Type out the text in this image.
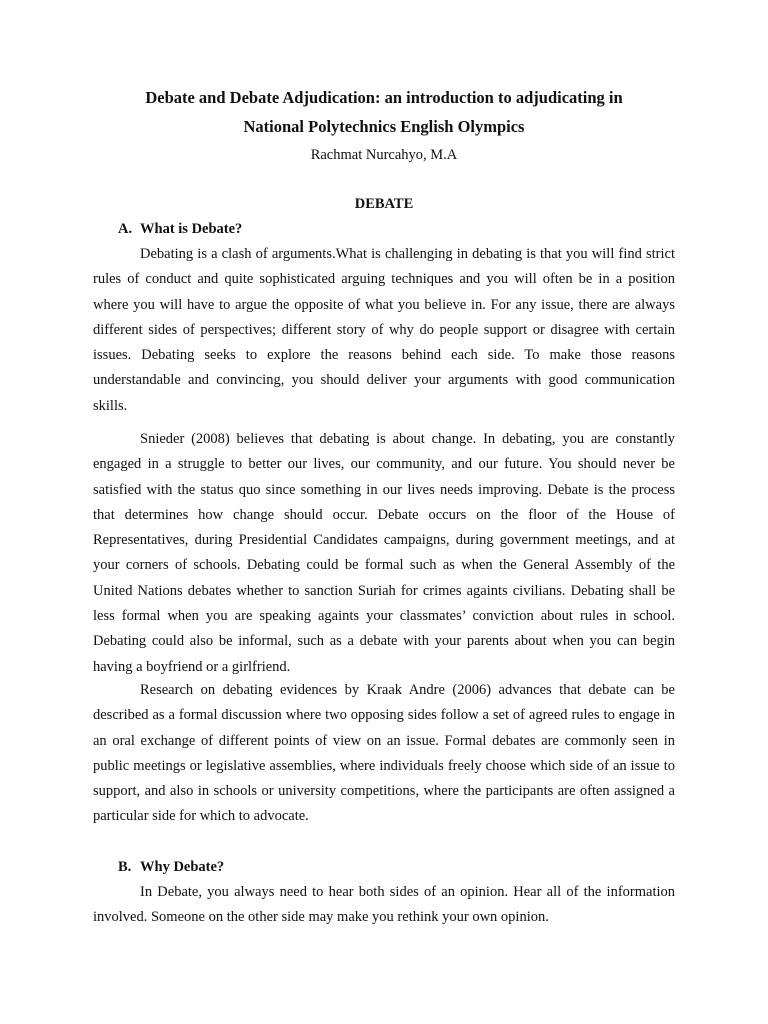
Debate and Debate Adjudication: an introduction to adjudicating in

National Polytechnics English Olympics

Rachmat Nurcahyo, M.A

DEBATE

A. What is Debate?

Debating is a clash of arguments.What is challenging in debating is that you will find strict rules of conduct and quite sophisticated arguing techniques and you will often be in a position where you will have to argue the opposite of what you believe in. For any issue, there are always different sides of perspectives; different story of why do people support or disagree with certain issues. Debating seeks to explore the reasons behind each side. To make those reasons understandable and convincing, you should deliver your arguments with good communication skills.

Snieder (2008) believes that debating is about change. In debating, you are constantly engaged in a struggle to better our lives, our community, and our future. You should never be satisfied with the status quo since something in our lives needs improving. Debate is the process that determines how change should occur. Debate occurs on the floor of the House of Representatives, during Presidential Candidates campaigns, during government meetings, and at your corners of schools. Debating could be formal such as when the General Assembly of the United Nations debates whether to sanction Suriah for crimes againts civilians. Debating shall be less formal when you are speaking againts your classmates’ conviction about rules in school. Debating could also be informal, such as a debate with your parents about when you can begin having a boyfriend or a girlfriend.

Research on debating evidences by Kraak Andre (2006) advances that debate can be described as a formal discussion where two opposing sides follow a set of agreed rules to engage in an oral exchange of different points of view on an issue. Formal debates are commonly seen in public meetings or legislative assemblies, where individuals freely choose which side of an issue to support, and also in schools or university competitions, where the participants are often assigned a particular side for which to advocate.

B. Why Debate?

In Debate, you always need to hear both sides of an opinion. Hear all of the information involved. Someone on the other side may make you rethink your own opinion.
